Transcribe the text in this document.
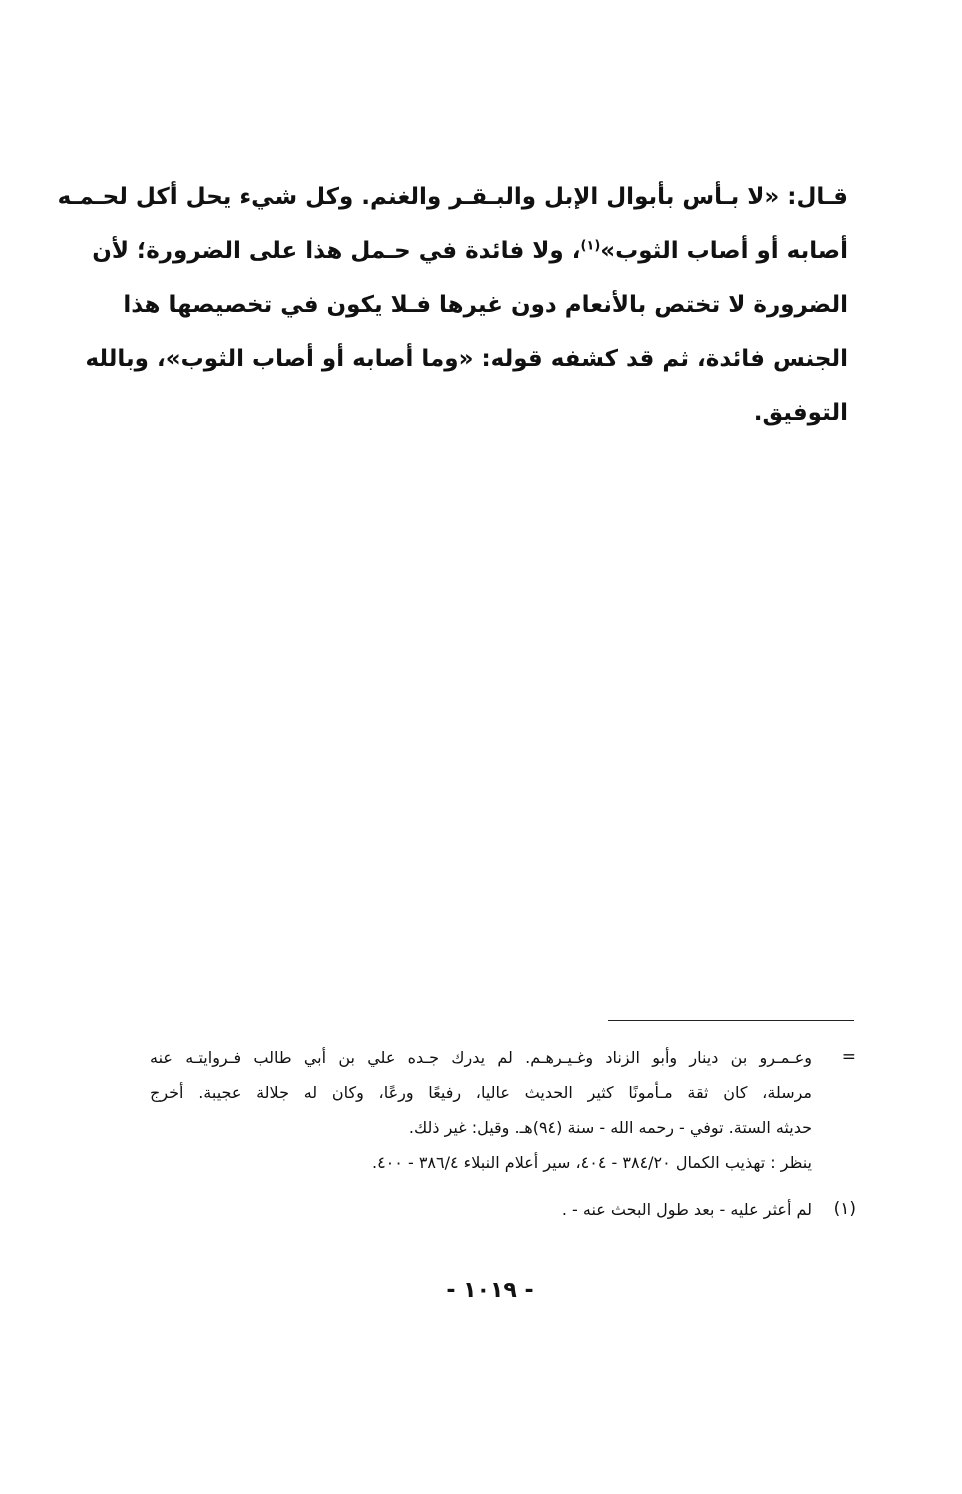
قـال: «لا بـأس بأبوال الإبل والبـقـر والغنم. وكل شيء يحل أكل لحـمـه
أصابه أو أصاب الثوب»$^{(١)}$، ولا فائدة في حـمل هذا على الضرورة؛ لأن
الضرورة لا تختص بالأنعام دون غيرها فـلا يكون في تخصيصها هذا
الجنس فائدة، ثم قد كشفه قوله: «وما أصابه أو أصاب الثوب»، وبالله
التوفيق.
=
وعـمـرو بن دينار وأبو الزناد وغـيـرهـم. لم يدرك جـده علي بن أبي طالب فـروايتـه عنه
مرسلة، كان ثقة مـأمونًا كثير الحديث عاليا، رفيعًا ورعًا، وكان له جلالة عجيبة. أخرج
حديثه الستة. توفي - رحمه الله - سنة (٩٤)هـ. وقيل: غير ذلك.
ينظر : تهذيب الكمال ٣٨٤/٢٠ - ٤٠٤، سير أعلام النبلاء ٣٨٦/٤ - ٤٠٠.
(١)
لم أعثر عليه - بعد طول البحث عنه - .
- ١٠١٩ -
